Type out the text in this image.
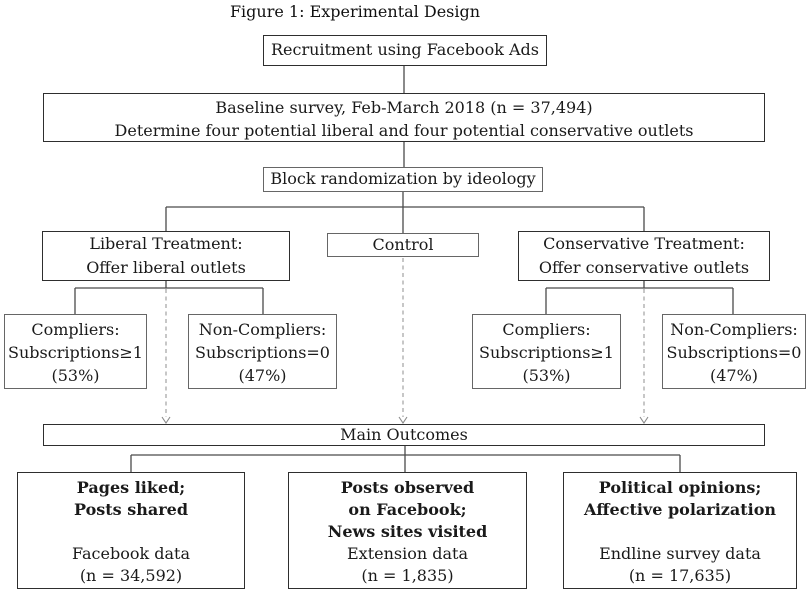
Figure 1: Experimental Design
Recruitment using Facebook Ads
Baseline survey, Feb-March 2018 (n = 37,494)
Determine four potential liberal and four potential conservative outlets
Block randomization by ideology
Liberal Treatment:
Offer liberal outlets
Control	Conservative Treatment:
Offer conservative outlets
Compliers:
Subscriptions≥1
(53%)
Non-Compliers:
Subscriptions=0
(47%)
Compliers:
Subscriptions≥1
(53%)
Non-Compliers:
Subscriptions=0
(47%)
Main Outcomes
Pages liked;
Posts shared
Facebook data
(n = 34,592)
Posts observed
on Facebook;
News sites visited
Extension data
(n = 1,835)
Political opinions;
Affective polarization
Endline survey data
(n = 17,635)
